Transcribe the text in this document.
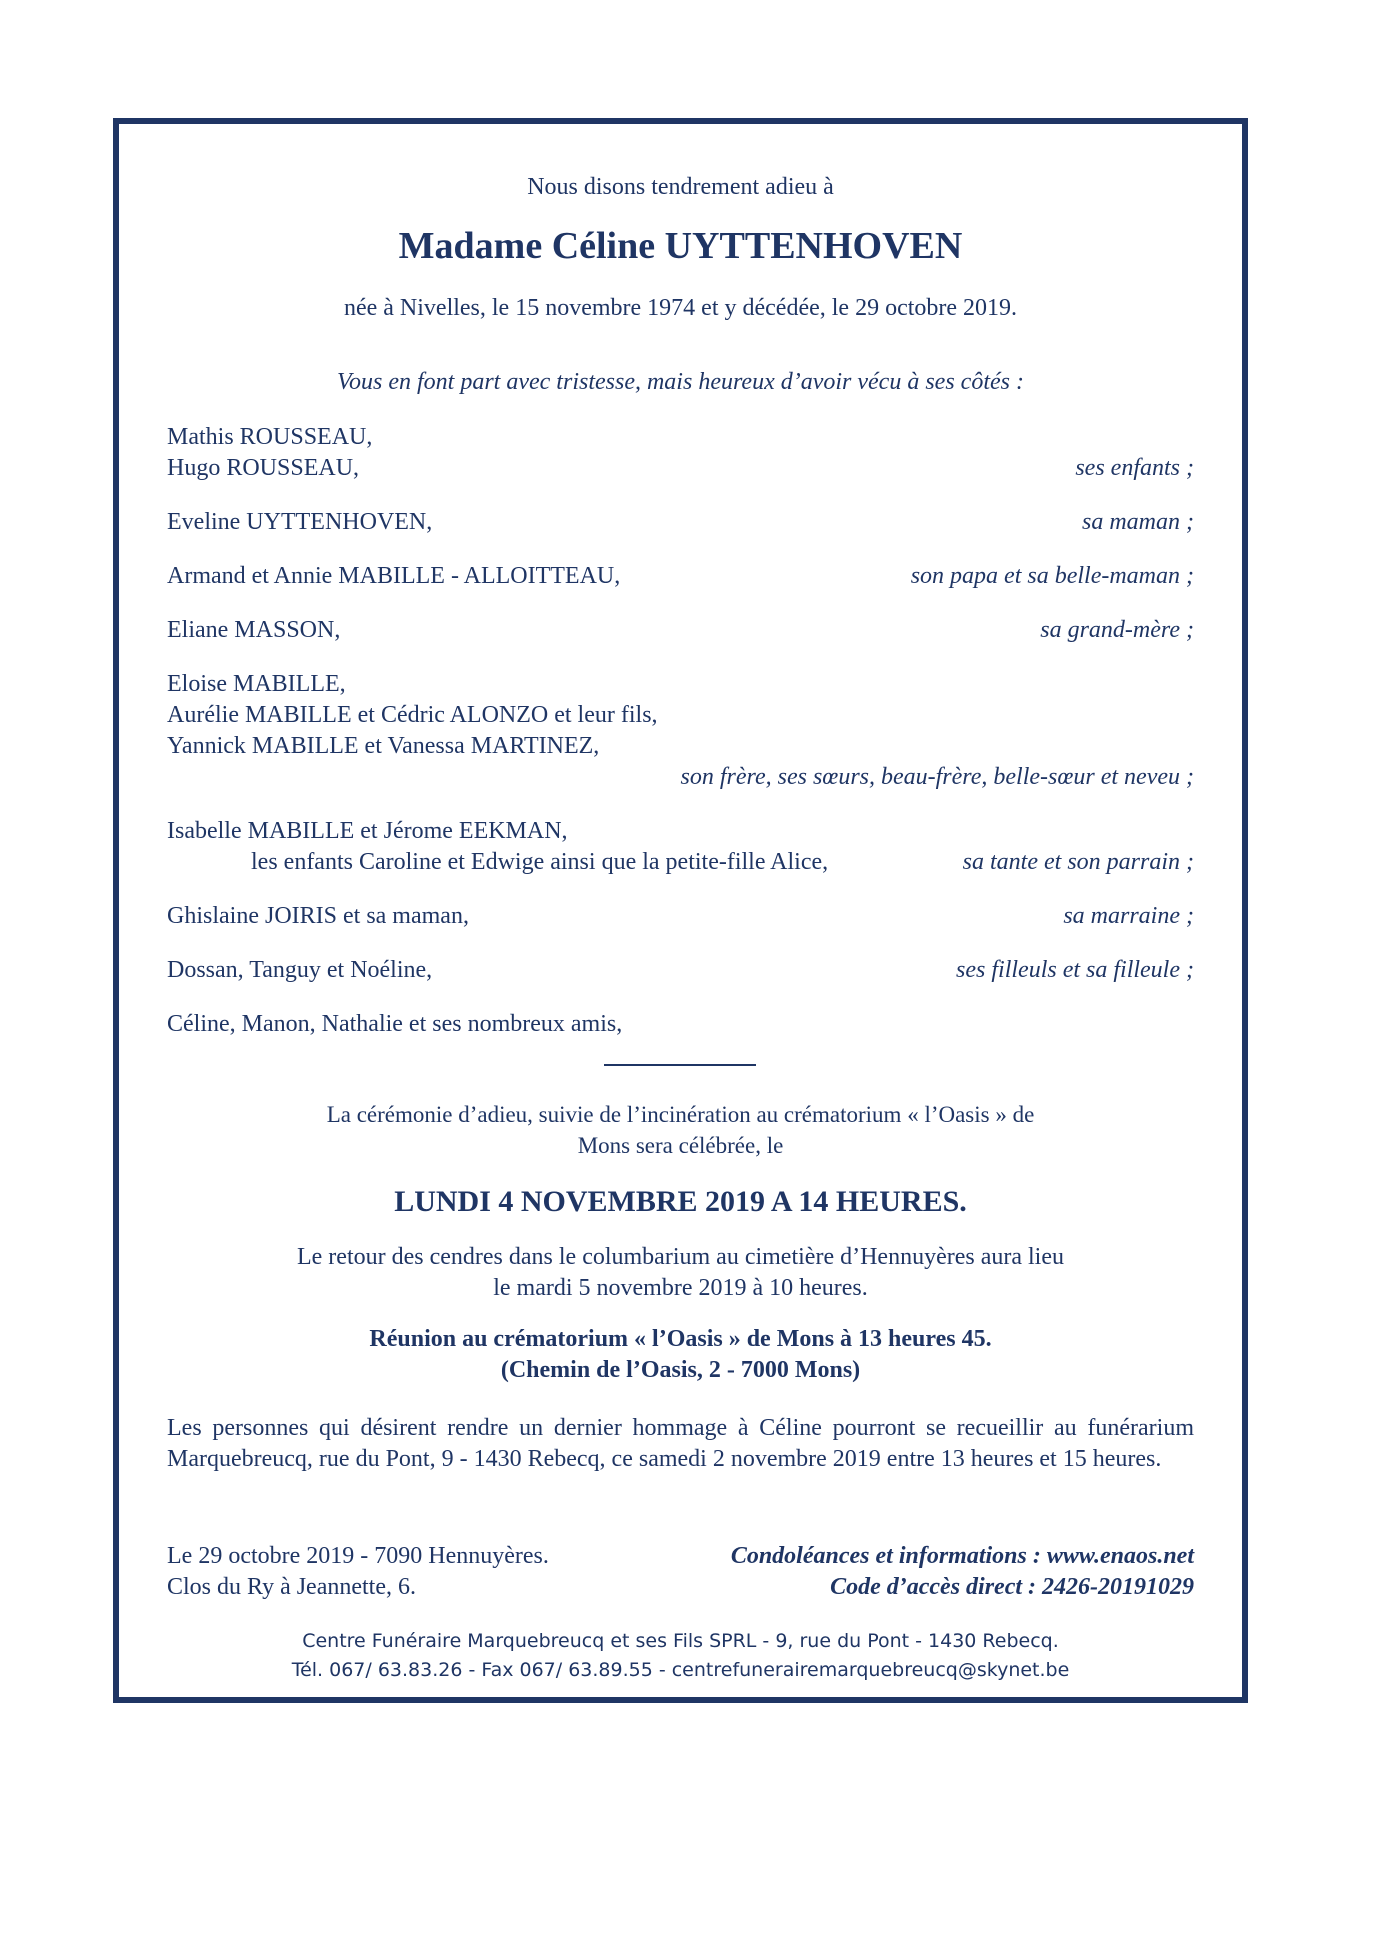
Nous disons tendrement adieu à
Madame Céline UYTTENHOVEN
née à Nivelles, le 15 novembre 1974 et y décédée, le 29 octobre 2019.
Vous en font part avec tristesse, mais heureux d’avoir vécu à ses côtés :
Mathis ROUSSEAU,
Hugo ROUSSEAU,	ses enfants ;
Eveline UYTTENHOVEN,	sa maman ;
Armand et Annie MABILLE - ALLOITTEAU,	son papa et sa belle-maman ;
Eliane MASSON,	sa grand-mère ;
Eloise MABILLE,
Aurélie MABILLE et Cédric ALONZO et leur fils,
Yannick MABILLE et Vanessa MARTINEZ,
son frère, ses sœurs, beau-frère, belle-sœur et neveu ;
Isabelle MABILLE et Jérome EEKMAN,
les enfants Caroline et Edwige ainsi que la petite-fille Alice,	sa tante et son parrain ;
Ghislaine JOIRIS et sa maman,	sa marraine ;
Dossan, Tanguy et Noéline,	ses filleuls et sa filleule ;
Céline, Manon, Nathalie et ses nombreux amis,
La cérémonie d’adieu, suivie de l’incinération au crématorium « l’Oasis » de
Mons sera célébrée, le
LUNDI 4 NOVEMBRE 2019 A 14 HEURES.
Le retour des cendres dans le columbarium au cimetière d’Hennuyères aura lieu
le mardi 5 novembre 2019 à 10 heures.
Réunion au crématorium « l’Oasis » de Mons à 13 heures 45.
(Chemin de l’Oasis, 2 - 7000 Mons)
Les personnes qui désirent rendre un dernier hommage à Céline pourront se recueillir au funérarium Marquebreucq, rue du Pont, 9 - 1430 Rebecq, ce samedi 2 novembre 2019 entre 13 heures et 15 heures.
Le 29 octobre 2019 - 7090 Hennuyères.
Clos du Ry à Jeannette, 6.
Condoléances et informations : www.enaos.net
Code d’accès direct : 2426-20191029
Centre Funéraire Marquebreucq et ses Fils SPRL - 9, rue du Pont - 1430 Rebecq.
Tél. 067/ 63.83.26 - Fax 067/ 63.89.55 - centrefunerairemarquebreucq@skynet.be
